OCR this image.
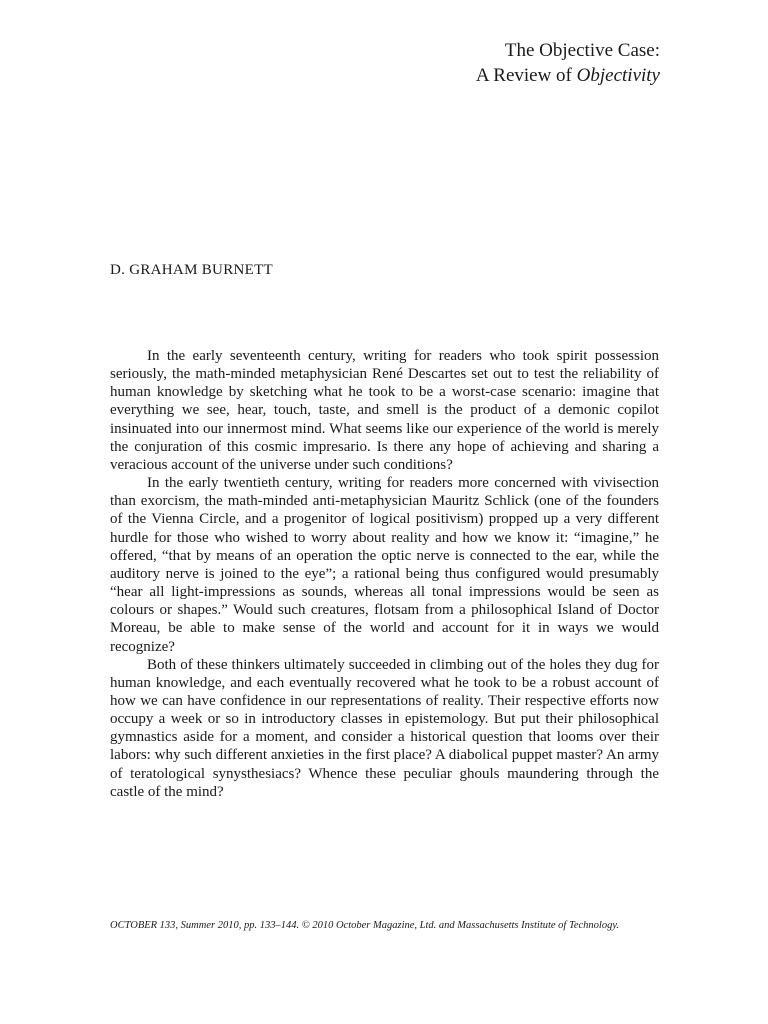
The Objective Case:
A Review of Objectivity
D. GRAHAM BURNETT

In the early seventeenth century, writing for readers who took spirit possession seriously, the math-minded metaphysician René Descartes set out to test the reliability of human knowledge by sketching what he took to be a worst-case scenario: imagine that everything we see, hear, touch, taste, and smell is the product of a demonic copilot insinuated into our innermost mind. What seems like our experience of the world is merely the conjuration of this cosmic impresario. Is there any hope of achieving and sharing a veracious account of the universe under such conditions?

In the early twentieth century, writing for readers more concerned with vivisection than exorcism, the math-minded anti-metaphysician Mauritz Schlick (one of the founders of the Vienna Circle, and a progenitor of logical positivism) propped up a very different hurdle for those who wished to worry about reality and how we know it: “imagine,” he offered, “that by means of an operation the optic nerve is connected to the ear, while the auditory nerve is joined to the eye”; a rational being thus configured would presumably “hear all light-impressions as sounds, whereas all tonal impressions would be seen as colours or shapes.” Would such creatures, flotsam from a philosophical Island of Doctor Moreau, be able to make sense of the world and account for it in ways we would recognize?

Both of these thinkers ultimately succeeded in climbing out of the holes they dug for human knowledge, and each eventually recovered what he took to be a robust account of how we can have confidence in our representations of reality. Their respective efforts now occupy a week or so in introductory classes in epistemology. But put their philosophical gymnastics aside for a moment, and consider a historical question that looms over their labors: why such different anxieties in the first place? A diabolical puppet master? An army of teratological synysthesiacs? Whence these peculiar ghouls maundering through the castle of the mind?

OCTOBER 133, Summer 2010, pp. 133–144. © 2010 October Magazine, Ltd. and Massachusetts Institute of Technology.
